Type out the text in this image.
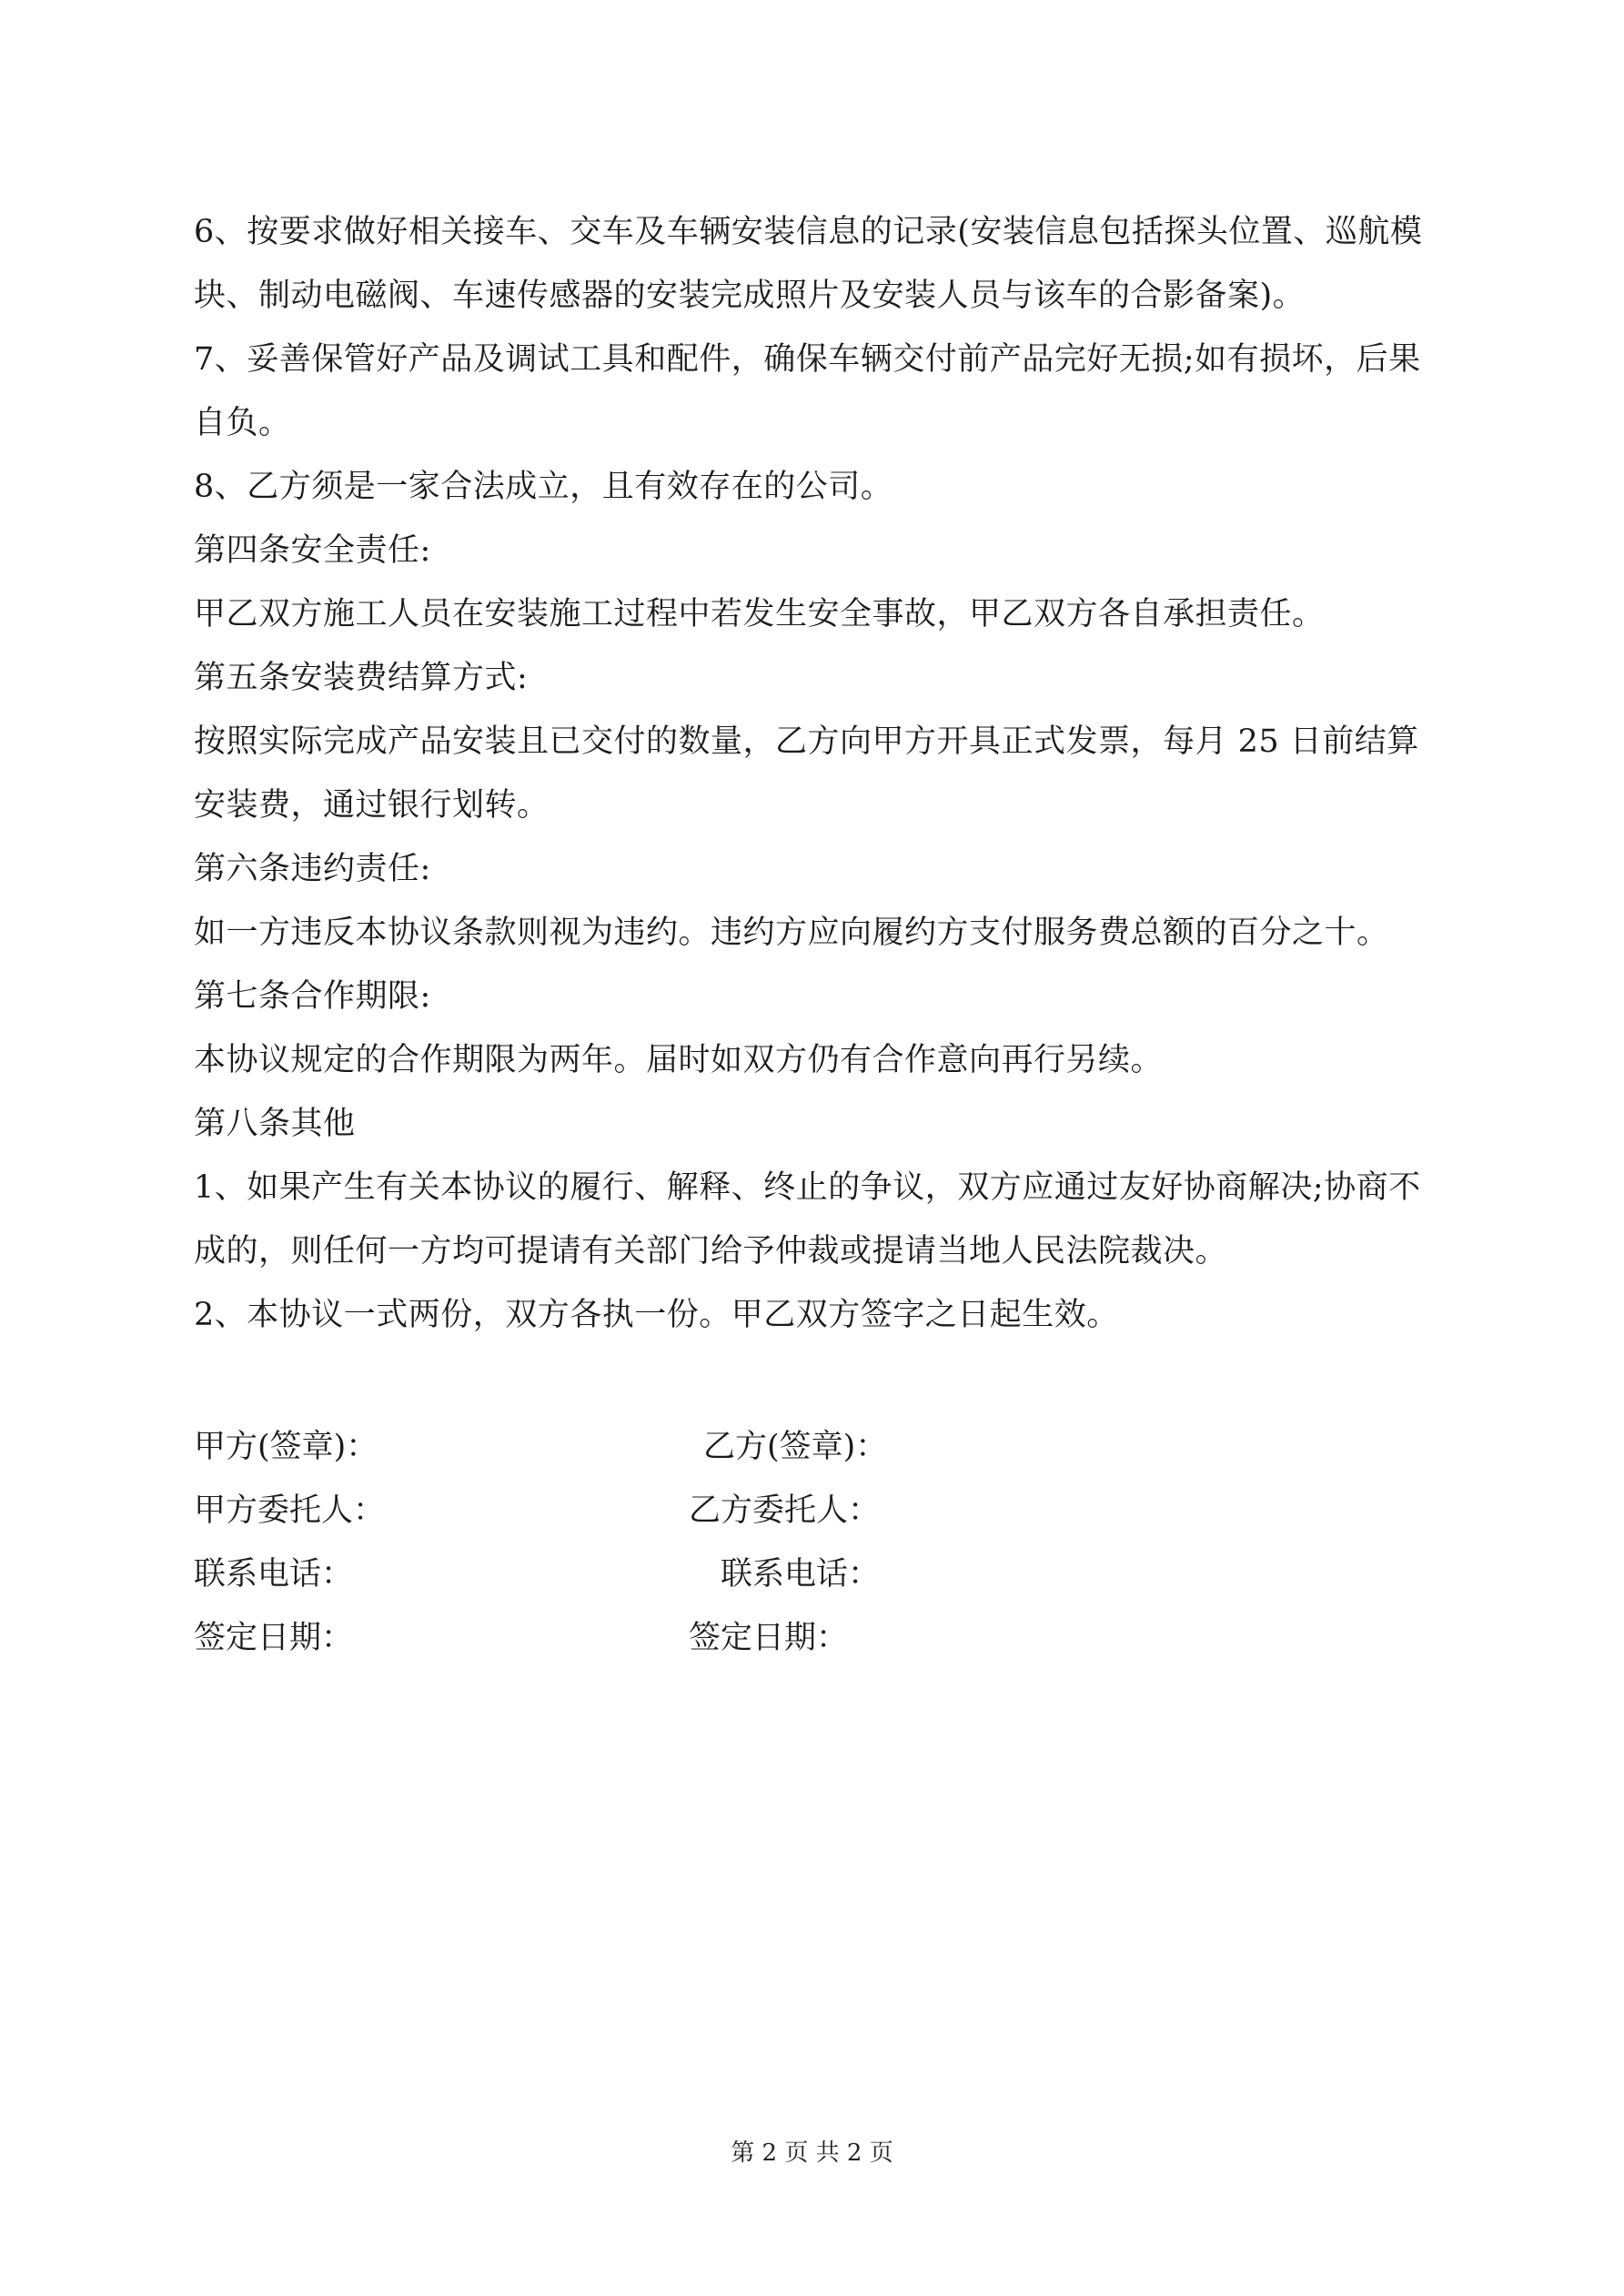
6、按要求做好相关接车、交车及车辆安装信息的记录(安装信息包括探头位置、巡航模
块、制动电磁阀、车速传感器的安装完成照片及安装人员与该车的合影备案)。
7、妥善保管好产品及调试工具和配件，确保车辆交付前产品完好无损;如有损坏，后果
自负。
8、乙方须是一家合法成立，且有效存在的公司。
第四条安全责任:
甲乙双方施工人员在安装施工过程中若发生安全事故，甲乙双方各自承担责任。
第五条安装费结算方式:
按照实际完成产品安装且已交付的数量，乙方向甲方开具正式发票，每月 25 日前结算
安装费，通过银行划转。
第六条违约责任:
如一方违反本协议条款则视为违约。违约方应向履约方支付服务费总额的百分之十。
第七条合作期限:
本协议规定的合作期限为两年。届时如双方仍有合作意向再行另续。
第八条其他
1、如果产生有关本协议的履行、解释、终止的争议，双方应通过友好协商解决;协商不
成的，则任何一方均可提请有关部门给予仲裁或提请当地人民法院裁决。
2、本协议一式两份，双方各执一份。甲乙双方签字之日起生效。
甲方(签章)：	乙方(签章)：
甲方委托人：	乙方委托人：
联系电话：	联系电话：
签定日期：	签定日期：
第 2 页 共 2 页
